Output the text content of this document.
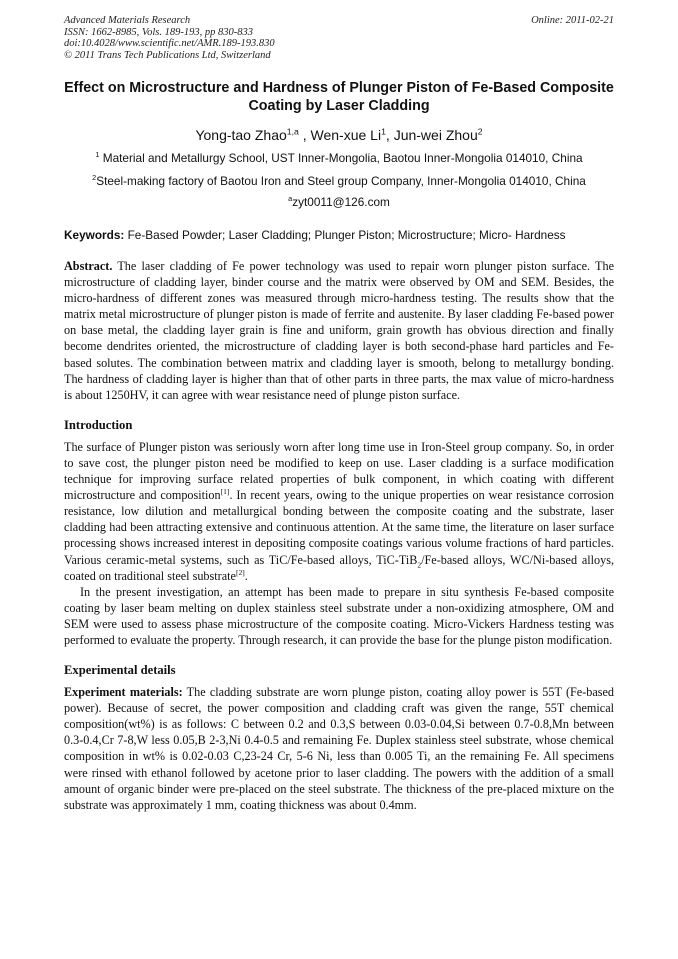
Advanced Materials Research
ISSN: 1662-8985, Vols. 189-193, pp 830-833
doi:10.4028/www.scientific.net/AMR.189-193.830
© 2011 Trans Tech Publications Ltd, Switzerland
Online: 2011-02-21
Effect on Microstructure and Hardness of Plunger Piston of Fe-Based Composite Coating by Laser Cladding
Yong-tao Zhao$^{1,a}$ , Wen-xue Li$^1$, Jun-wei Zhou$^2$
$^1$ Material and Metallurgy School, UST Inner-Mongolia, Baotou Inner-Mongolia 014010, China
$^2$Steel-making factory of Baotou Iron and Steel group Company, Inner-Mongolia 014010, China
$^a$zyt0011@126.com
Keywords: Fe-Based Powder; Laser Cladding; Plunger Piston; Microstructure; Micro- Hardness

Abstract. The laser cladding of Fe power technology was used to repair worn plunger piston surface. The microstructure of cladding layer, binder course and the matrix were observed by OM and SEM. Besides, the micro-hardness of different zones was measured through micro-hardness testing. The results show that the matrix metal microstructure of plunger piston is made of ferrite and austenite. By laser cladding Fe-based power on base metal, the cladding layer grain is fine and uniform, grain growth has obvious direction and finally become dendrites oriented, the microstructure of cladding layer is both second-phase hard particles and Fe-based solutes. The combination between matrix and cladding layer is smooth, belong to metallurgy bonding. The hardness of cladding layer is higher than that of other parts in three parts, the max value of micro-hardness is about 1250HV, it can agree with wear resistance need of plunge piston surface.

Introduction

The surface of Plunger piston was seriously worn after long time use in Iron-Steel group company. So, in order to save cost, the plunger piston need be modified to keep on use. Laser cladding is a surface modification technique for improving surface related properties of bulk component, in which coating with different microstructure and composition[1]. In recent years, owing to the unique properties on wear resistance corrosion resistance, low dilution and metallurgical bonding between the composite coating and the substrate, laser cladding had been attracting extensive and continuous attention. At the same time, the literature on laser surface processing shows increased interest in depositing composite coatings various volume fractions of hard particles. Various ceramic-metal systems, such as TiC/Fe-based alloys, TiC-TiB$_2$/Fe-based alloys, WC/Ni-based alloys, coated on traditional steel substrate[2].

In the present investigation, an attempt has been made to prepare in situ synthesis Fe-based composite coating by laser beam melting on duplex stainless steel substrate under a non-oxidizing atmosphere, OM and SEM were used to assess phase microstructure of the composite coating. Micro-Vickers Hardness testing was performed to evaluate the property. Through research, it can provide the base for the plunge piston modification.

Experimental details

Experiment materials: The cladding substrate are worn plunge piston, coating alloy power is 55T (Fe-based power). Because of secret, the power composition and cladding craft was given the range, 55T chemical composition(wt%) is as follows: C between 0.2 and 0.3,S between 0.03-0.04,Si between 0.7-0.8,Mn between 0.3-0.4,Cr 7-8,W less 0.05,B 2-3,Ni 0.4-0.5 and remaining Fe. Duplex stainless steel substrate, whose chemical composition in wt% is 0.02-0.03 C,23-24 Cr, 5-6 Ni, less than 0.005 Ti, an the remaining Fe. All specimens were rinsed with ethanol followed by acetone prior to laser cladding. The powers with the addition of a small amount of organic binder were pre-placed on the steel substrate. The thickness of the pre-placed mixture on the substrate was approximately 1 mm, coating thickness was about 0.4mm.
